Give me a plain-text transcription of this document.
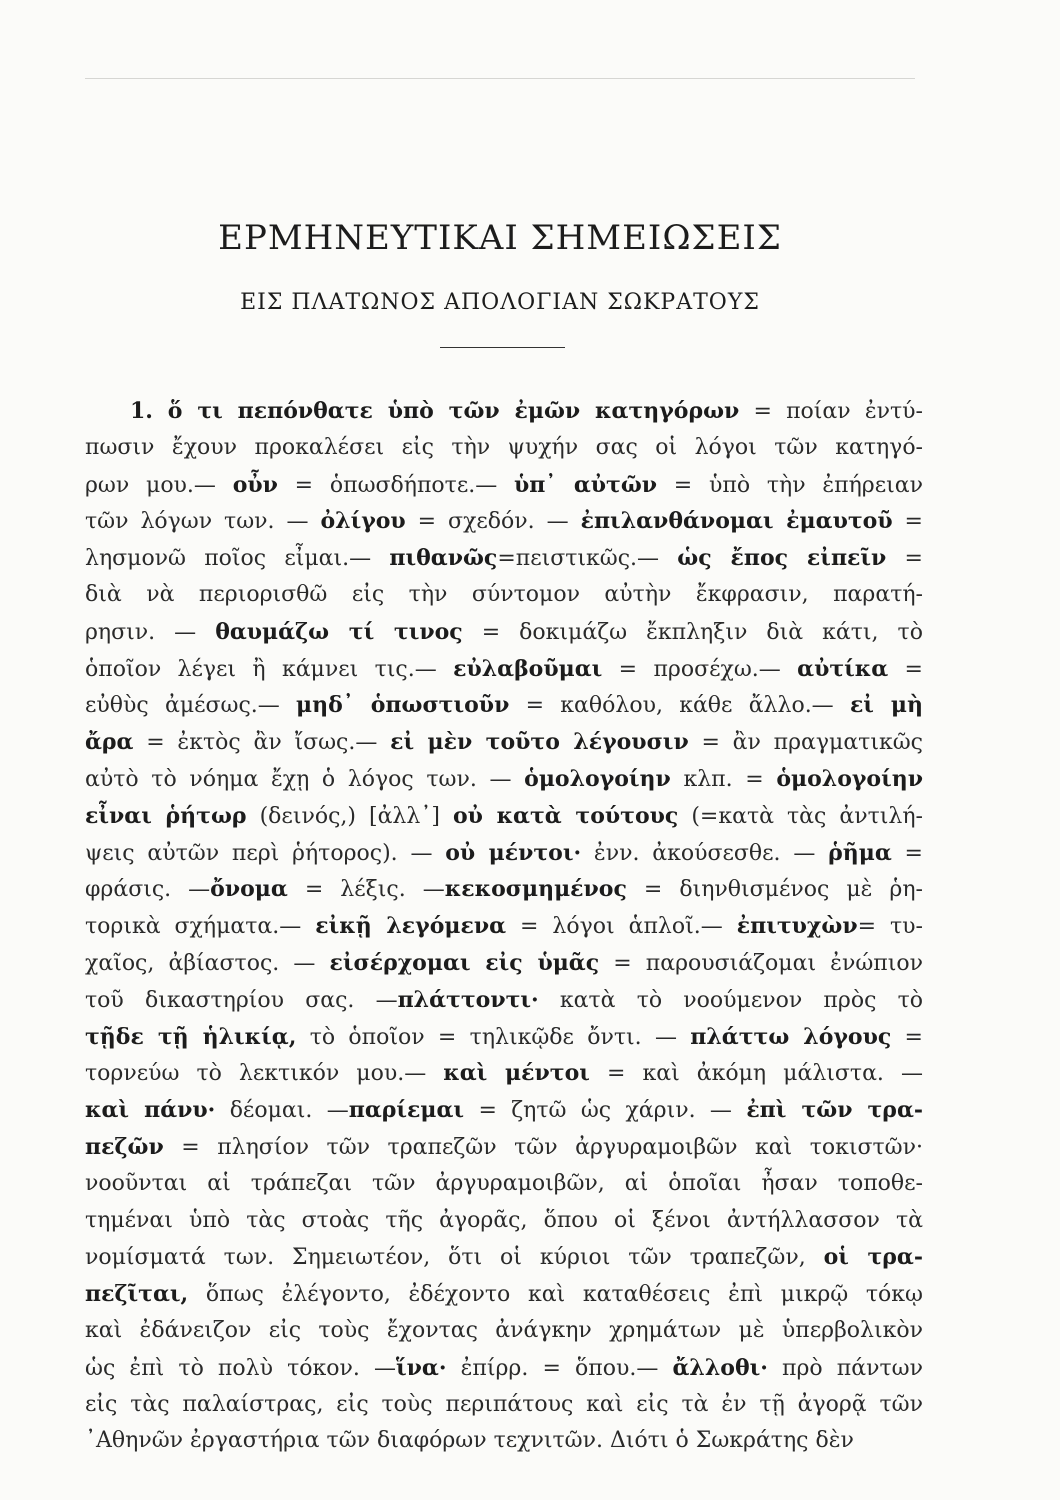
ΕΡΜΗΝΕΥΤΙΚΑΙ ΣΗΜΕΙΩΣΕΙΣ
ΕΙΣ ΠΛΑΤΩΝΟΣ ΑΠΟΛΟΓΙΑΝ ΣΩΚΡΑΤΟΥΣ
1. ὅ τι πεπόνθατε ὑπὸ τῶν ἐμῶν κατηγόρων = ποίαν ἐντύ-
πωσιν ἔχουν προκαλέσει εἰς τὴν ψυχήν σας οἱ λόγοι τῶν κατηγό-
ρων μου.— οὖν = ὁπωσδήποτε.— ὑπ᾽ αὐτῶν = ὑπὸ τὴν ἐπήρειαν
τῶν λόγων των. — ὀλίγου = σχεδόν. — ἐπιλανθάνομαι ἐμαυτοῦ =
λησμονῶ ποῖος εἶμαι.— πιθανῶς=πειστικῶς.— ὡς ἔπος εἰπεῖν =
διὰ νὰ περιορισθῶ εἰς τὴν σύντομον αὐτὴν ἔκφρασιν, παρατή-
ρησιν. — θαυμάζω τί τινος = δοκιμάζω ἔκπληξιν διὰ κάτι, τὸ
ὁποῖον λέγει ἢ κάμνει τις.— εὐλαβοῦμαι = προσέχω.— αὐτίκα =
εὐθὺς ἀμέσως.— μηδ᾽ ὁπωστιοῦν = καθόλου, κάθε ἄλλο.— εἰ μὴ
ἄρα = ἐκτὸς ἂν ἴσως.— εἰ μὲν τοῦτο λέγουσιν = ἂν πραγματικῶς
αὐτὸ τὸ νόημα ἔχῃ ὁ λόγος των. — ὁμολογοίην κλπ. = ὁμολογοίην
εἶναι ῥήτωρ (δεινός,) [ἀλλ᾽] οὐ κατὰ τούτους (=κατὰ τὰς ἀντιλή-
ψεις αὐτῶν περὶ ῥήτορος). — οὐ μέντοι· ἐνν. ἀκούσεσθε. — ῥῆμα =
φράσις. —ὄνομα = λέξις. —κεκοσμημένος = διηνθισμένος μὲ ῥη-
τορικὰ σχήματα.— εἰκῇ λεγόμενα = λόγοι ἁπλοῖ.— ἐπιτυχὼν= τυ-
χαῖος, ἀβίαστος. — εἰσέρχομαι εἰς ὑμᾶς = παρουσιάζομαι ἐνώπιον
τοῦ δικαστηρίου σας. —πλάττοντι· κατὰ τὸ νοούμενον πρὸς τὸ
τῇδε τῇ ἡλικίᾳ, τὸ ὁποῖον = τηλικῷδε ὄντι. — πλάττω λόγους =
τορνεύω τὸ λεκτικόν μου.— καὶ μέντοι = καὶ ἀκόμη μάλιστα. —
καὶ πάνυ· δέομαι. —παρίεμαι = ζητῶ ὡς χάριν. — ἐπὶ τῶν τρα-
πεζῶν = πλησίον τῶν τραπεζῶν τῶν ἀργυραμοιβῶν καὶ τοκιστῶν·
νοοῦνται αἱ τράπεζαι τῶν ἀργυραμοιβῶν, αἱ ὁποῖαι ἦσαν τοποθε-
τημέναι ὑπὸ τὰς στοὰς τῆς ἀγορᾶς, ὅπου οἱ ξένοι ἀντήλλασσον τὰ
νομίσματά των. Σημειωτέον, ὅτι οἱ κύριοι τῶν τραπεζῶν, οἱ τρα-
πεζῖται, ὅπως ἐλέγοντο, ἐδέχοντο καὶ καταθέσεις ἐπὶ μικρῷ τόκῳ
καὶ ἐδάνειζον εἰς τοὺς ἔχοντας ἀνάγκην χρημάτων μὲ ὑπερβολικὸν
ὡς ἐπὶ τὸ πολὺ τόκον. —ἵνα· ἐπίρρ. = ὅπου.— ἄλλοθι· πρὸ πάντων
εἰς τὰς παλαίστρας, εἰς τοὺς περιπάτους καὶ εἰς τὰ ἐν τῇ ἀγορᾷ τῶν
᾿Αθηνῶν ἐργαστήρια τῶν διαφόρων τεχνιτῶν. Διότι ὁ Σωκράτης δὲν
